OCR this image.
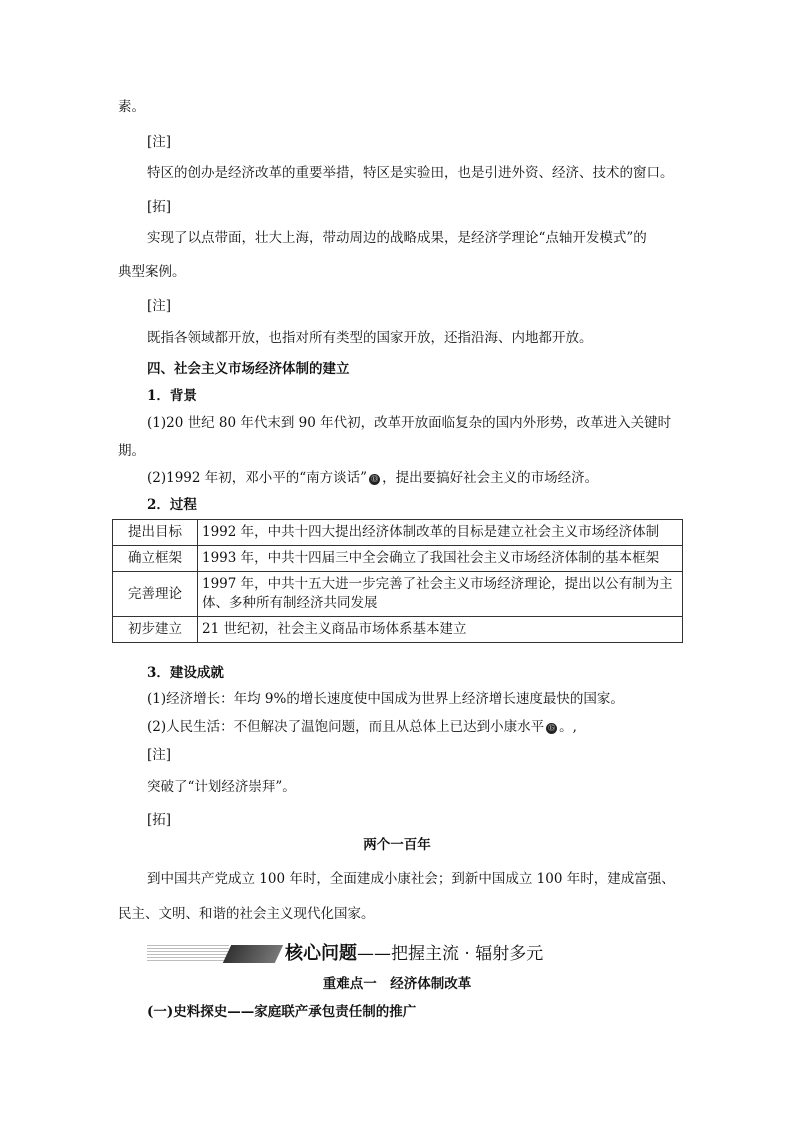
素。
[注]
特区的创办是经济改革的重要举措，特区是实验田，也是引进外资、经济、技术的窗口。
[拓]
实现了以点带面，壮大上海，带动周边的战略成果，是经济学理论“点轴开发模式”的
典型案例。
[注]
既指各领域都开放，也指对所有类型的国家开放，还指沿海、内地都开放。
四、社会主义市场经济体制的建立
1．背景
(1)20 世纪 80 年代末到 90 年代初，改革开放面临复杂的国内外形势，改革进入关键时
期。
(2)1992 年初，邓小平的“南方谈话” ⑬ ，提出要搞好社会主义的市场经济。
2．过程
提出目标	1992 年，中共十四大提出经济体制改革的目标是建立社会主义市场经济体制
确立框架	1993 年，中共十四届三中全会确立了我国社会主义市场经济体制的基本框架
完善理论	1997 年，中共十五大进一步完善了社会主义市场经济理论，提出以公有制为主体、多种所有制经济共同发展
初步建立	21 世纪初，社会主义商品市场体系基本建立
3．建设成就
(1)经济增长：年均 9%的增长速度使中国成为世界上经济增长速度最快的国家。
(2)人民生活：不但解决了温饱问题，而且从总体上已达到小康水平 ⑮ 。,
[注]
突破了“计划经济崇拜”。
[拓]
两个一百年
到中国共产党成立 100 年时，全面建成小康社会；到新中国成立 100 年时，建成富强、
民主、文明、和谐的社会主义现代化国家。
核心问题——把握主流 · 辐射多元
重难点一　经济体制改革
(一)史料探史——家庭联产承包责任制的推广
